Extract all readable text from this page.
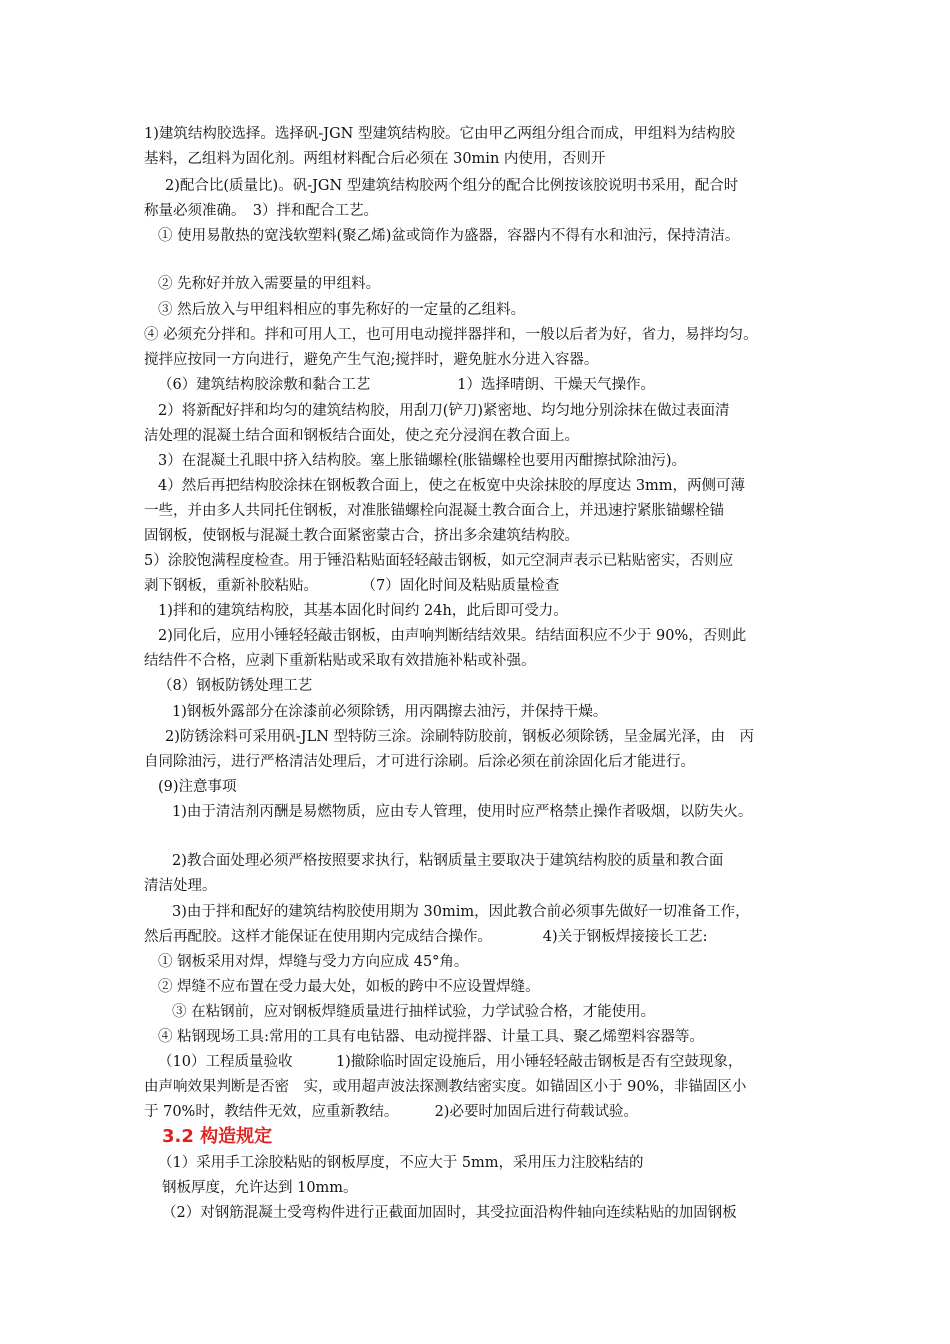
1)建筑结构胶选择。选择矾-JGN 型建筑结构胶。它由甲乙两组分组合而成，甲组料为结构胶
基料，乙组料为固化剂。两组材料配合后必须在 30min 内使用，否则开
2)配合比(质量比)。矾-JGN 型建筑结构胶两个组分的配合比例按该胶说明书采用，配合时
称量必须准确。　3）拌和配合工艺。
① 使用易散热的宽浅软塑料(聚乙烯)盆或筒作为盛器，容器内不得有水和油污，保持清洁。
② 先称好并放入需要量的甲组料。
③ 然后放入与甲组料相应的事先称好的一定量的乙组料。
④ 必须充分拌和。拌和可用人工，也可用电动搅拌器拌和，一般以后者为好，省力，易拌均匀。
搅拌应按同一方向进行，避免产生气泡;搅拌时，避免脏水分进入容器。
（6）建筑结构胶涂敷和黏合工艺　　　　　　1）选择晴朗、干燥天气操作。
2）将新配好拌和均匀的建筑结构胶，用刮刀(铲刀)紧密地、均匀地分别涂抹在做过表面清
洁处理的混凝土结合面和钢板结合面处，使之充分浸润在教合面上。
3）在混凝土孔眼中挤入结构胶。塞上胀锚螺栓(胀锚螺栓也要用丙酣擦拭除油污)。
4）然后再把结构胶涂抹在钢板教合面上，使之在板宽中央涂抹胶的厚度达 3mm，两侧可薄
一些，并由多人共同托住钢板，对准胀锚螺栓向混凝土教合面合上，并迅速拧紧胀锚螺栓锚
固钢板，使钢板与混凝土教合面紧密蒙古合，挤出多余建筑结构胶。
5）涂胶饱满程度检查。用于锤沿粘贴面轻轻敲击钢板，如元空洞声表示已粘贴密实，否则应
剥下钢板，重新补胶粘贴。　　　　（7）固化时间及粘贴质量检查
1)拌和的建筑结构胶，其基本固化时间约 24h，此后即可受力。
2)同化后，应用小锤轻轻敲击钢板，由声响判断结结效果。结结面积应不少于 90%，否则此
结结件不合格，应剥下重新粘贴或采取有效措施补粘或补强。
（8）钢板防锈处理工艺
1)钢板外露部分在涂漆前必须除锈，用丙隅擦去油污，并保持干燥。
2)防锈涂料可采用矾-JLN 型特防三涂。涂刷特防胶前，钢板必须除锈，呈金属光泽，由　丙
自同除油污，进行严格清洁处理后，才可进行涂刷。后涂必须在前涂固化后才能进行。
(9)注意事项
1)由于清洁剂丙酬是易燃物质，应由专人管理，使用时应严格禁止操作者吸烟，以防失火。
2)教合面处理必须严格按照要求执行，粘钢质量主要取决于建筑结构胶的质量和教合面
清洁处理。
3)由于拌和配好的建筑结构胶使用期为 30mim，因此教合前必须事先做好一切准备工作，
然后再配胶。这样才能保证在使用期内完成结合操作。　　　　4)关于钢板焊接接长工艺:
① 钢板采用对焊，焊缝与受力方向应成 45°角。
② 焊缝不应布置在受力最大处，如板的跨中不应设置焊缝。
③ 在粘钢前，应对钢板焊缝质量进行抽样试验，力学试验合格，才能使用。
④ 粘钢现场工具:常用的工具有电钻器、电动搅拌器、计量工具、聚乙烯塑料容器等。
（10）工程质量验收　　　1)撤除临时固定设施后，用小锤轻轻敲击钢板是否有空鼓现象，
由声响效果判断是否密　实，或用超声波法探测教结密实度。如锚固区小于 90%，非锚固区小
于 70%时，教结件无效，应重新教结。　　　2)必要时加固后进行荷载试验。
3.2 构造规定
（1）采用手工涂胶粘贴的钢板厚度，不应大于 5mm，采用压力注胶粘结的
钢板厚度，允许达到 10mm。
（2）对钢筋混凝土受弯构件进行正截面加固时，其受拉面沿构件轴向连续粘贴的加固钢板
